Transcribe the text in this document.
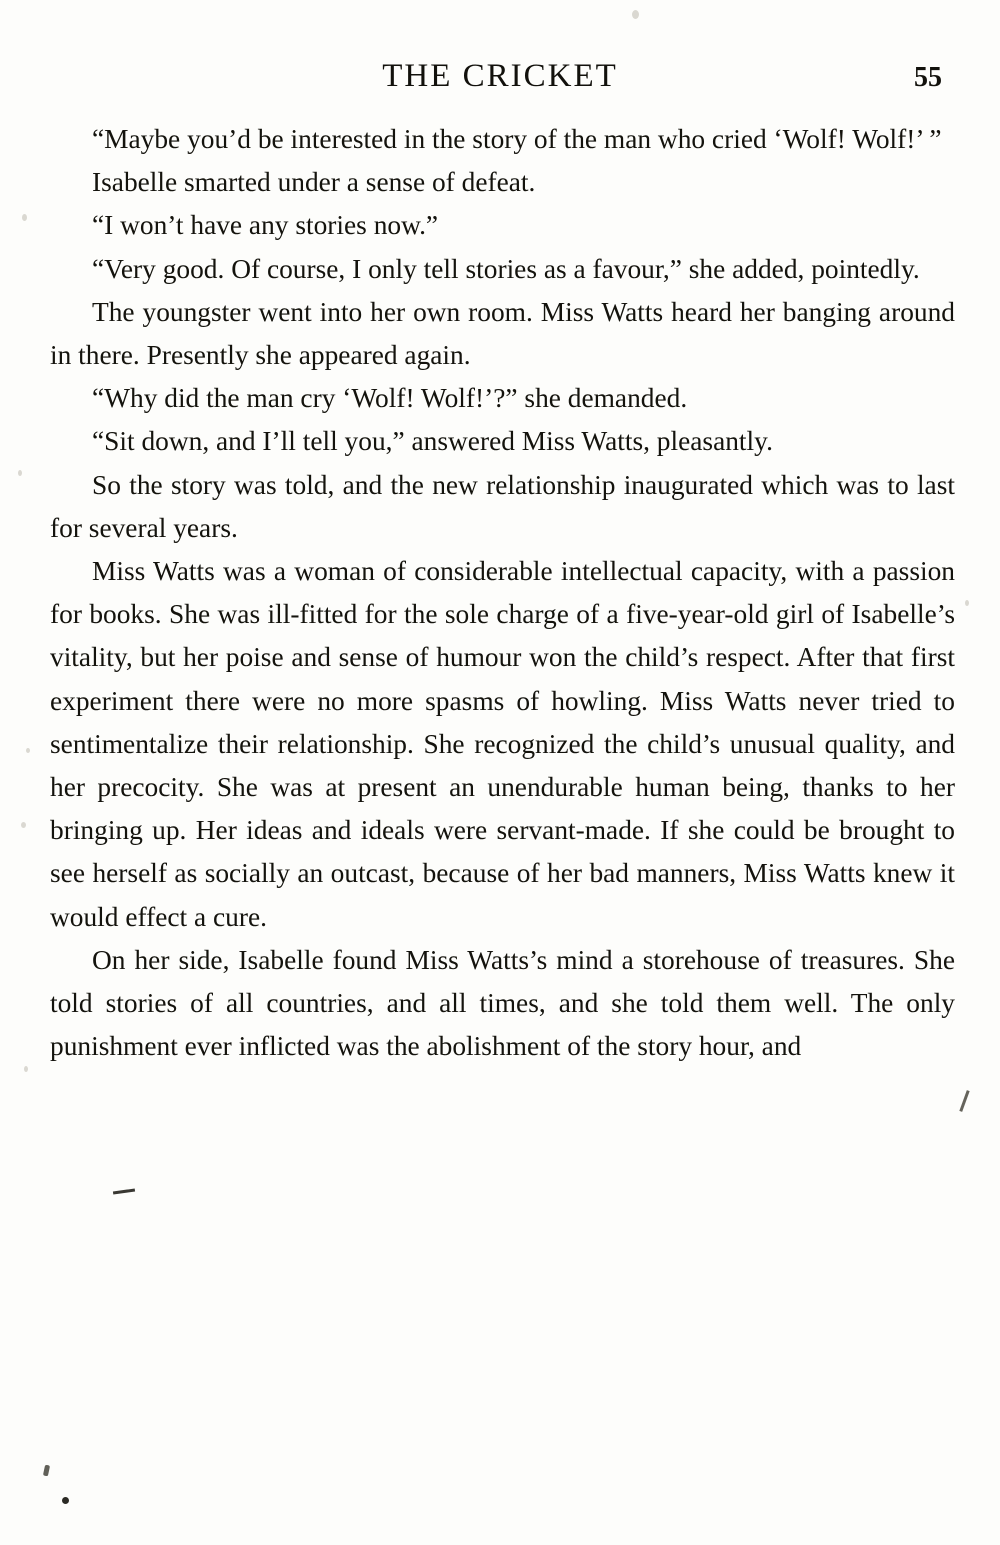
THE CRICKET	55

“Maybe you’d be interested in the story of the man who cried ‘Wolf! Wolf!’ ”

Isabelle smarted under a sense of defeat.

“I won’t have any stories now.”

“Very good. Of course, I only tell stories as a favour,” she added, pointedly.

The youngster went into her own room. Miss Watts heard her banging around in there. Presently she appeared again.

“Why did the man cry ‘Wolf! Wolf!’?” she demanded.

“Sit down, and I’ll tell you,” answered Miss Watts, pleasantly.

So the story was told, and the new relationship inaugurated which was to last for several years.

Miss Watts was a woman of considerable intellectual capacity, with a passion for books. She was ill-fitted for the sole charge of a five-year-old girl of Isabelle’s vitality, but her poise and sense of humour won the child’s respect. After that first experiment there were no more spasms of howling. Miss Watts never tried to sentimentalize their relationship. She recognized the child’s unusual quality, and her precocity. She was at present an unendurable human being, thanks to her bringing up. Her ideas and ideals were servant-made. If she could be brought to see herself as socially an outcast, because of her bad manners, Miss Watts knew it would effect a cure.

On her side, Isabelle found Miss Watts’s mind a storehouse of treasures. She told stories of all countries, and all times, and she told them well. The only punishment ever inflicted was the abolishment of the story hour, and
